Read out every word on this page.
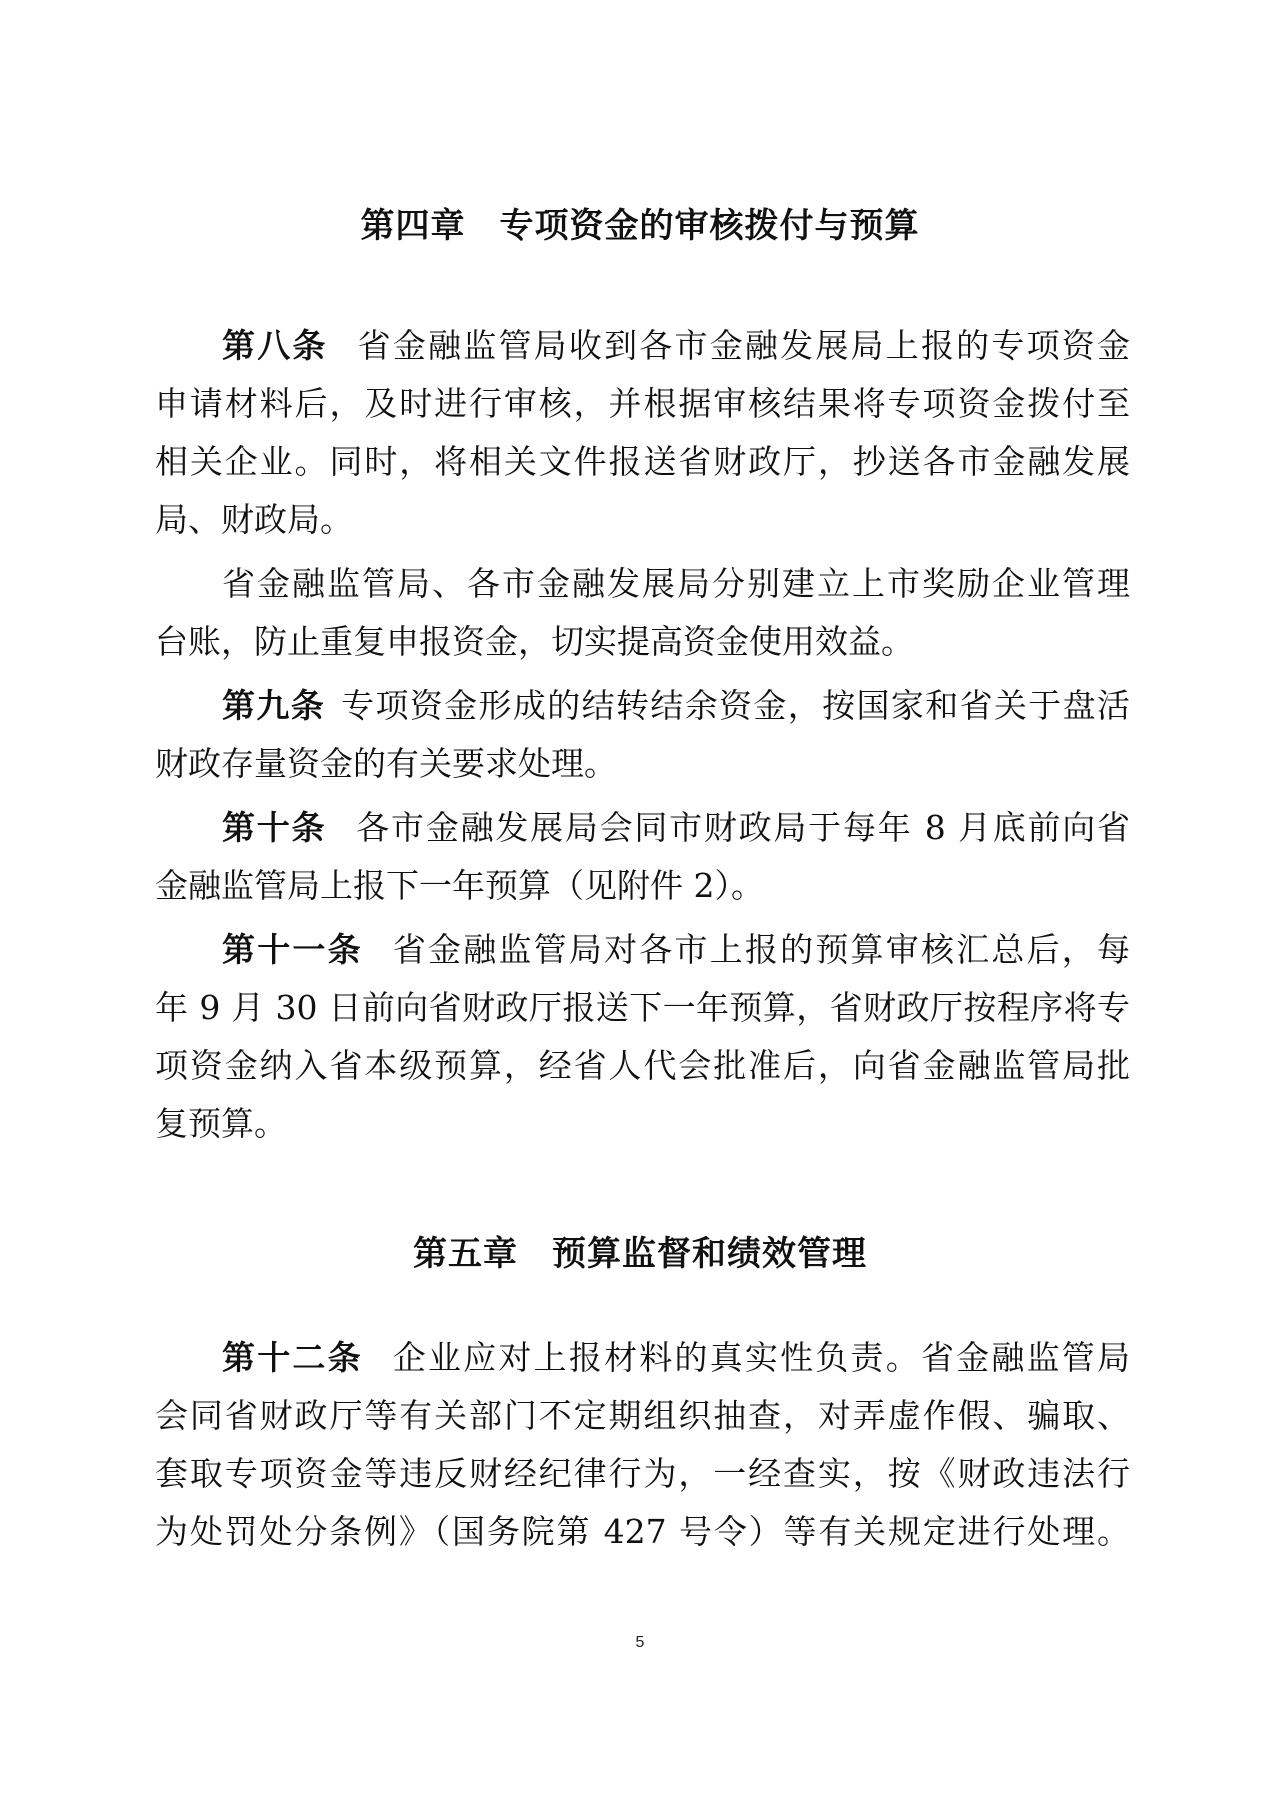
第四章 专项资金的审核拨付与预算
第八条 省金融监管局收到各市金融发展局上报的专项资金
申请材料后，及时进行审核，并根据审核结果将专项资金拨付至
相关企业。同时，将相关文件报送省财政厅，抄送各市金融发展
局、财政局。
省金融监管局、各市金融发展局分别建立上市奖励企业管理
台账，防止重复申报资金，切实提高资金使用效益。
第九条 专项资金形成的结转结余资金，按国家和省关于盘活
财政存量资金的有关要求处理。
第十条 各市金融发展局会同市财政局于每年 8 月底前向省
金融监管局上报下一年预算（见附件 2）。
第十一条 省金融监管局对各市上报的预算审核汇总后，每
年 9 月 30 日前向省财政厅报送下一年预算，省财政厅按程序将专
项资金纳入省本级预算，经省人代会批准后，向省金融监管局批
复预算。
第五章 预算监督和绩效管理
第十二条 企业应对上报材料的真实性负责。省金融监管局
会同省财政厅等有关部门不定期组织抽查，对弄虚作假、骗取、
套取专项资金等违反财经纪律行为，一经查实，按《财政违法行
为处罚处分条例》（国务院第 427 号令）等有关规定进行处理。
5
